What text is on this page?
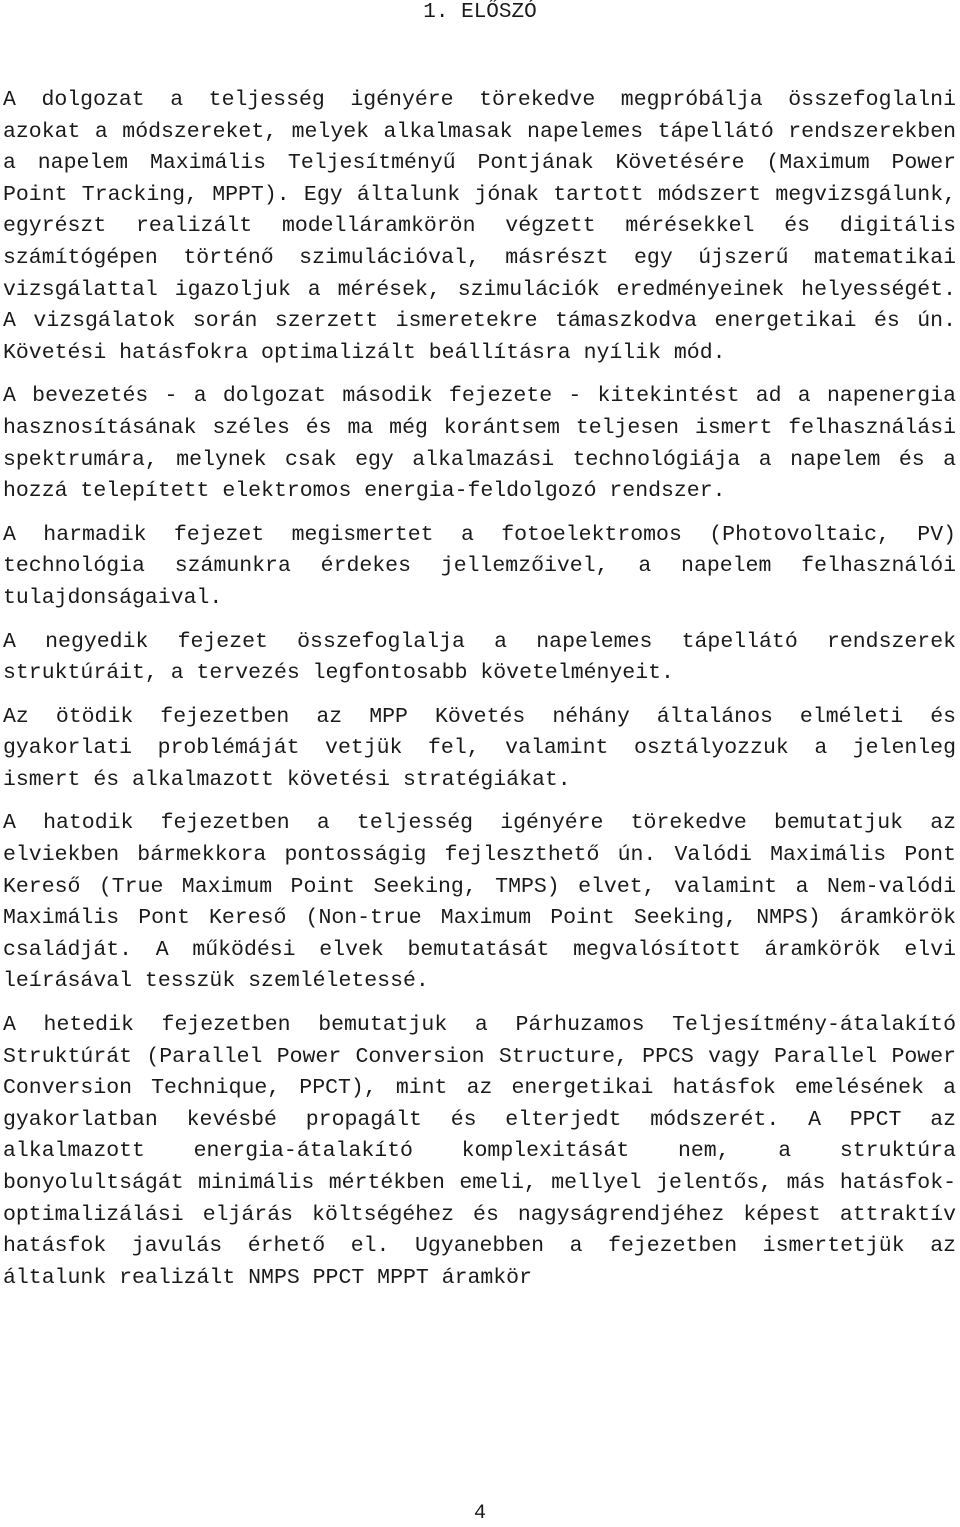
1. ELŐSZÓ

A dolgozat a teljesség igényére törekedve megpróbálja összefoglalni azokat a módszereket, melyek alkalmasak napelemes tápellátó rendszerekben a napelem Maximális Teljesítményű Pontjának Követésére (Maximum Power Point Tracking, MPPT). Egy általunk jónak tartott módszert megvizsgálunk, egyrészt realizált modelláramkörön végzett mérésekkel és digitális számítógépen történő szimulációval, másrészt egy újszerű matematikai vizsgálattal igazoljuk a mérések, szimulációk eredményeinek helyességét. A vizsgálatok során szerzett ismeretekre támaszkodva energetikai és ún. Követési hatásfokra optimalizált beállításra nyílik mód.

A bevezetés - a dolgozat második fejezete - kitekintést ad a napenergia hasznosításának széles és ma még korántsem teljesen ismert felhasználási spektrumára, melynek csak egy alkalmazási technológiája a napelem és a hozzá telepített elektromos energia-feldolgozó rendszer.

A harmadik fejezet megismertet a fotoelektromos (Photovoltaic, PV) technológia számunkra érdekes jellemzőivel, a napelem felhasználói tulajdonságaival.

A negyedik fejezet összefoglalja a napelemes tápellátó rendszerek struktúráit, a tervezés legfontosabb követelményeit.

Az ötödik fejezetben az MPP Követés néhány általános elméleti és gyakorlati problémáját vetjük fel, valamint osztályozzuk a jelenleg ismert és alkalmazott követési stratégiákat.

A hatodik fejezetben a teljesség igényére törekedve bemutatjuk az elviekben bármekkora pontosságig fejleszthető ún. Valódi Maximális Pont Kereső (True Maximum Point Seeking, TMPS) elvet, valamint a Nem-valódi Maximális Pont Kereső (Non-true Maximum Point Seeking, NMPS) áramkörök családját. A működési elvek bemutatását megvalósított áramkörök elvi leírásával tesszük szemléletessé.

A hetedik fejezetben bemutatjuk a Párhuzamos Teljesítmény-átalakító Struktúrát (Parallel Power Conversion Structure, PPCS vagy Parallel Power Conversion Technique, PPCT), mint az energetikai hatásfok emelésének a gyakorlatban kevésbé propagált és elterjedt módszerét. A PPCT az alkalmazott energia-átalakító komplexitását nem, a struktúra bonyolultságát minimális mértékben emeli, mellyel jelentős, más hatásfok-optimalizálási eljárás költségéhez és nagyságrendjéhez képest attraktív hatásfok javulás érhető el. Ugyanebben a fejezetben ismertetjük az általunk realizált NMPS PPCT MPPT áramkör

4
